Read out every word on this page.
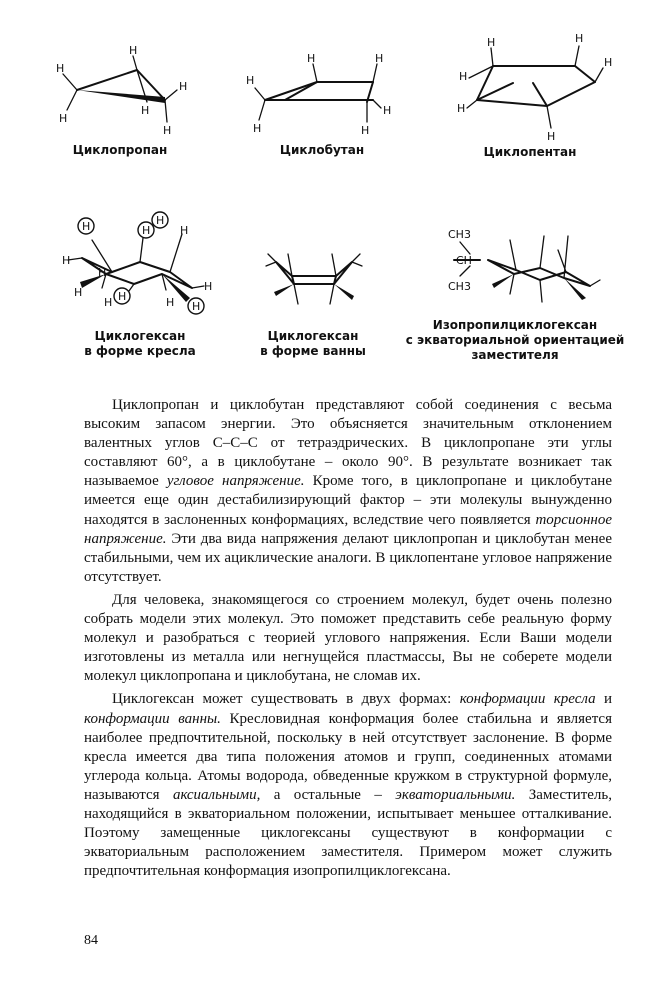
H
H
H
H
H
H
Циклопропан
H
H
H	H
H
H
Циклобутан
H
H
H
H
H
H
Циклопентан
H	H
H
H
H
H
H
H
H
H	H
H
Циклогексан
в форме кресла
Циклогексан
в форме ванны
CH3
CH
CH3
Изопропилциклогексан
с экваториальной ориентацией
заместителя

Циклопропан и циклобутан представляют собой соединения с весьма высоким запасом энергии. Это объясняется значительным отклонением валентных углов С–С–С от тетраэдрических. В циклопропане эти углы составляют 60°, а в циклобутане – около 90°. В результате возникает так называемое угловое напряжение. Кроме того, в циклопропане и циклобутане имеется еще один дестабилизирующий фактор – эти молекулы вынужденно находятся в заслоненных конформациях, вследствие чего появляется торсионное напряжение. Эти два вида напряжения делают циклопропан и циклобутан менее стабильными, чем их ациклические аналоги. В циклопентане угловое напряжение отсутствует.

Для человека, знакомящегося со строением молекул, будет очень полезно собрать модели этих молекул. Это поможет представить себе реальную форму молекул и разобраться с теорией углового напряжения. Если Ваши модели изготовлены из металла или негнущейся пластмассы, Вы не соберете модели молекул циклопропана и циклобутана, не сломав их.

Циклогексан может существовать в двух формах: конформации кресла и конформации ванны. Кресловидная конформация более стабильна и является наиболее предпочтительной, поскольку в ней отсутствует заслонение. В форме кресла имеется два типа положения атомов и групп, соединенных атомами углерода кольца. Атомы водорода, обведенные кружком в структурной формуле, называются аксиальными, а остальные – экваториальными. Заместитель, находящийся в экваториальном положении, испытывает меньшее отталкивание. Поэтому замещенные циклогексаны существуют в конформации с экваториальным расположением заместителя. Примером может служить предпочтительная конформация изопропилциклогексана.

84
